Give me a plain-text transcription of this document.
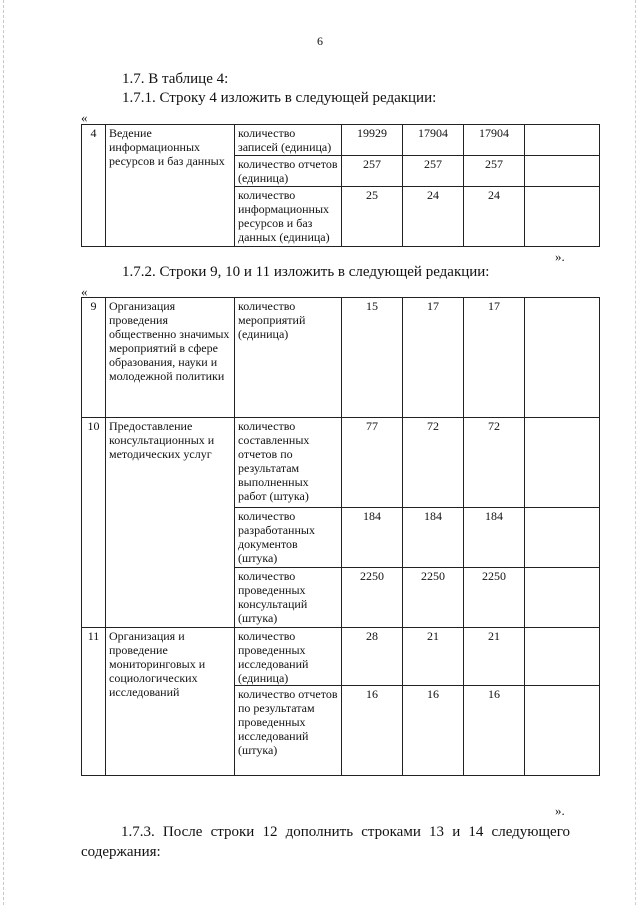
6
1.7. В таблице 4:
1.7.1. Строку 4 изложить в следующей редакции:
«
4	Ведение информационных ресурсов и баз данных	количество записей (единица)	19929	17904	17904	
		количество отчетов (единица)	257	257	257	
		количество информационных ресурсов и баз данных (единица)	25	24	24	
».
1.7.2. Строки 9, 10 и 11 изложить в следующей редакции:
«
9	Организация проведения общественно значимых мероприятий в сфере образования, науки и молодежной политики	количество мероприятий (единица)	15	17	17	
10	Предоставление консультационных и методических услуг	количество составленных отчетов по результатам выполненных работ (штука)	77	72	72	
		количество разработанных документов (штука)	184	184	184	
		количество проведенных консультаций (штука)	2250	2250	2250	
11	Организация и проведение мониторинговых и социологических исследований	количество проведенных исследований (единица)	28	21	21	
		количество отчетов по результатам проведенных исследований (штука)	16	16	16	
».
1.7.3. После строки 12 дополнить строками 13 и 14 следующего содержания:
